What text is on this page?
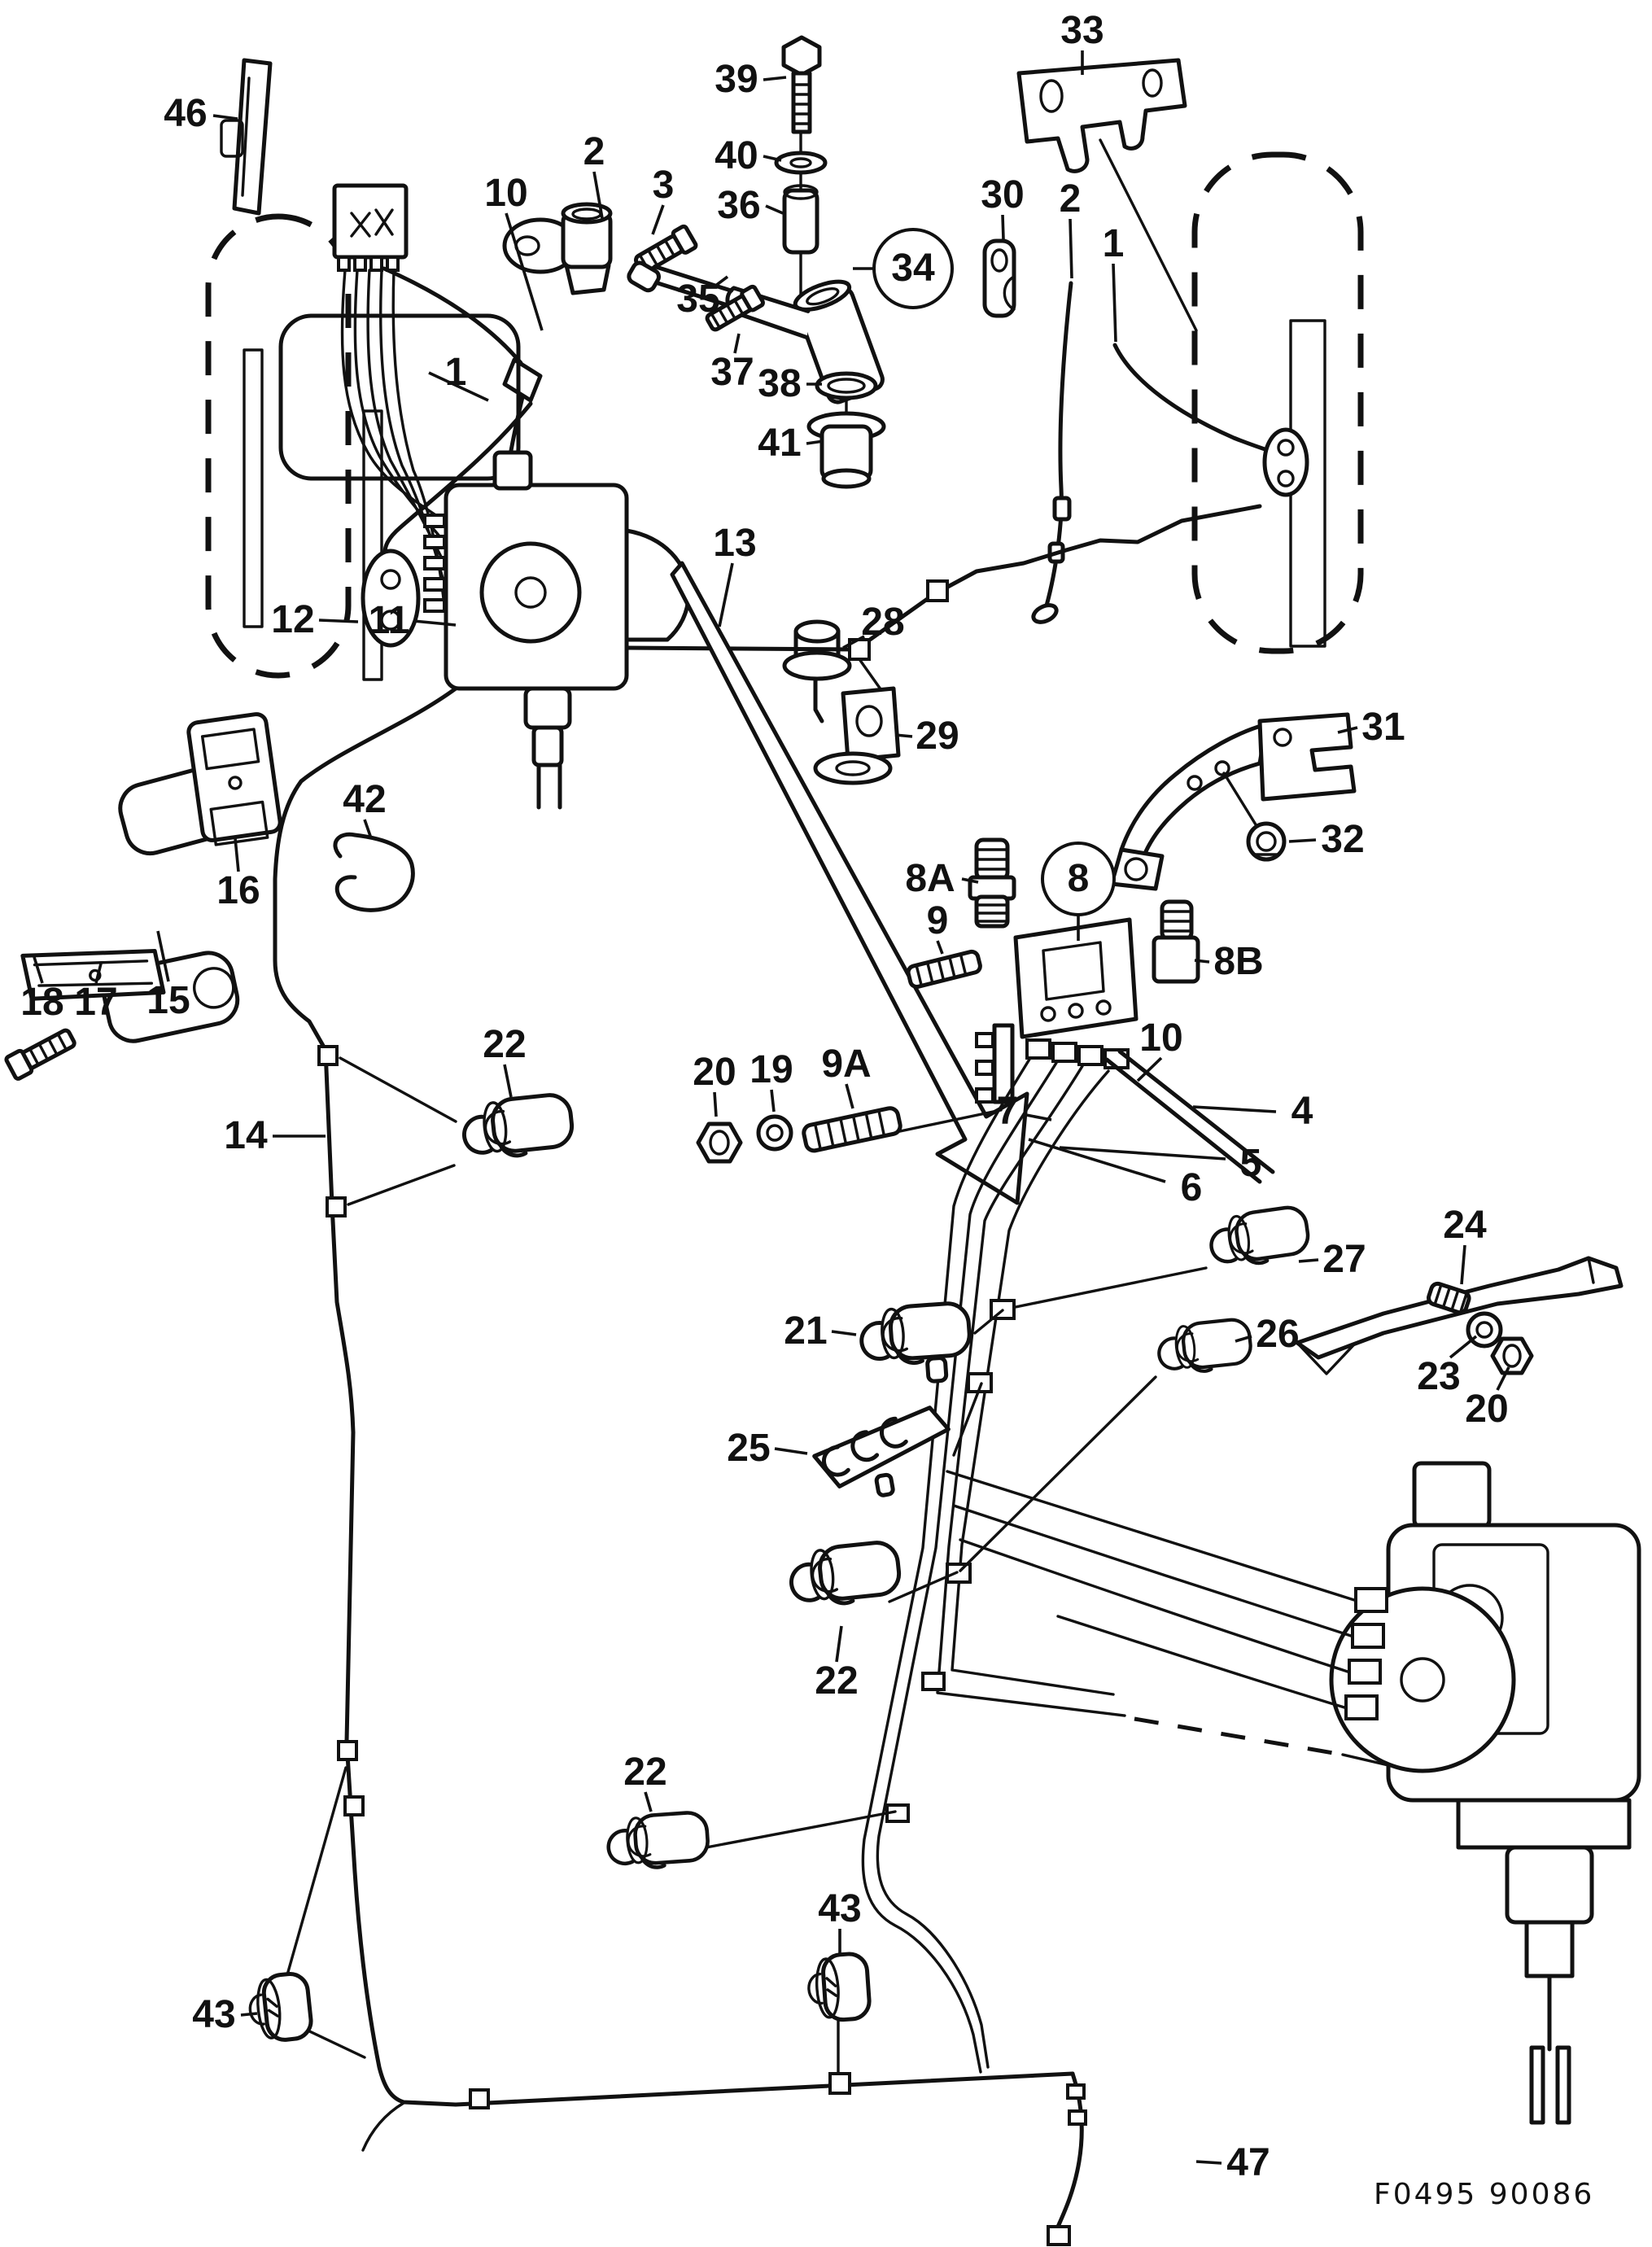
46
39
40
36
3
2
10
35
37
34
38
41
33
30 2
1
1
12 11
13
28
29	31
32
16
42
18 17 15
8A
9
8
8B
10
20 19 9A
7	4
5
6
14
22
21
25
27
26
24
23
20
22
22
43
43
47
F0495 90086
